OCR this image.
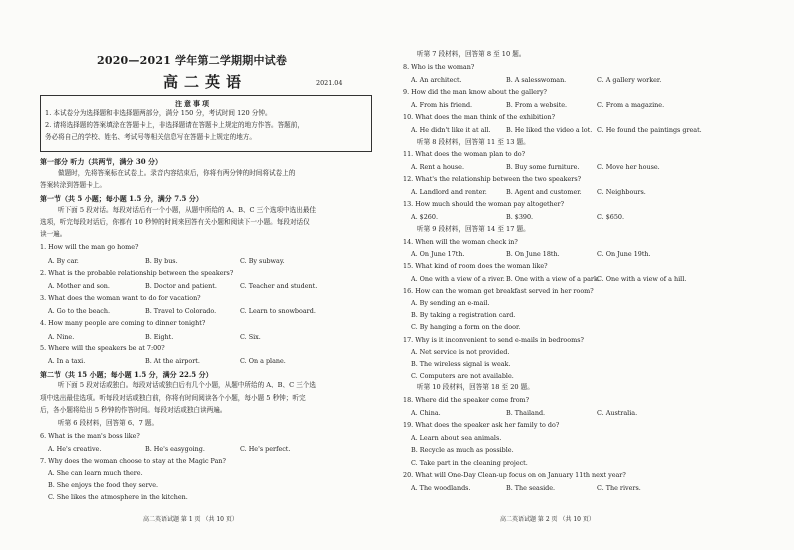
2020—2021 学年第二学期期中试卷
高二英语	2021.04
注意事项
1. 本试卷分为选择题和非选择题两部分，满分 150 分，考试时间 120 分钟。
2. 请将选择题的答案填涂在答题卡上，非选择题请在答题卡上规定的地方作答。答题前，
务必将自己的学校、姓名、考试号等相关信息写在答题卡上规定的地方。
第一部分 听力（共两节，满分 30 分）
做题时，先将答案标在试卷上。录音内容结束后，你将有两分钟的时间将试卷上的
答案转涂到答题卡上。
第一节（共 5 小题；每小题 1.5 分，满分 7.5 分）
听下面 5 段对话。每段对话后有一个小题，从题中所给的 A、B、C 三个选项中选出最佳
选项，听完每段对话后，你都有 10 秒钟的时间来回答有关小题和阅读下一小题。每段对话仅
读一遍。
1. How will the man go home?
A. By car.	B. By bus.	C. By subway.
2. What is the probable relationship between the speakers?
A. Mother and son.	B. Doctor and patient.	C. Teacher and student.
3. What does the woman want to do for vacation?
A. Go to the beach.	B. Travel to Colorado.	C. Learn to snowboard.
4. How many people are coming to dinner tonight?
A. Nine.	B. Eight.	C. Six.
5. Where will the speakers be at 7:00?
A. In a taxi.	B. At the airport.	C. On a plane.
第二节（共 15 小题；每小题 1.5 分，满分 22.5 分）
听下面 5 段对话或独白。每段对话或独白后有几个小题，从题中所给的 A、B、C 三个选
项中选出最佳选项。听每段对话或独白前，你将有时间阅读各个小题，每小题 5 秒钟；听完
后，各小题将给出 5 秒钟的作答时间。每段对话或独白读两遍。
听第 6 段材料，回答第 6、7 题。
6. What is the man's boss like?
A. He's creative.	B. He's easygoing.	C. He's perfect.
7. Why does the woman choose to stay at the Magic Pan?
A. She can learn much there.
B. She enjoys the food they serve.
C. She likes the atmosphere in the kitchen.
高二英语试题 第 1 页 （共 10 页）
听第 7 段材料，回答第 8 至 10 题。
8. Who is the woman?
A. An architect.	B. A salesswoman.	C. A gallery worker.
9. How did the man know about the gallery?
A. From his friend.	B. From a website.	C. From a magazine.
10. What does the man think of the exhibition?
A. He didn't like it at all. B. He liked the video a lot. C. He found the paintings great.
听第 8 段材料，回答第 11 至 13 题。
11. What does the woman plan to do?
A. Rent a house.	B. Buy some furniture.	C. Move her house.
12. What's the relationship between the two speakers?
A. Landlord and renter.	B. Agent and customer. C. Neighbours.
13. How much should the woman pay altogether?
A. $260.	B. $390.	C. $650.
听第 9 段材料，回答第 14 至 17 题。
14. When will the woman check in?
A. On June 17th.	B. On June 18th.	C. On June 19th.
15. What kind of room does the woman like?
A. One with a view of a river. B. One with a view of a park.
C. One with a view of a hill.
16. How can the woman get breakfast served in her room?
A. By sending an e-mail.
B. By taking a registration card.
C. By hanging a form on the door.
17. Why is it inconvenient to send e-mails in bedrooms?
A. Net service is not provided.
B. The wireless signal is weak.
C. Computers are not available.
听第 10 段材料，回答第 18 至 20 题。
18. Where did the speaker come from?
A. China.	B. Thailand.	C. Australia.
19. What does the speaker ask her family to do?
A. Learn about sea animals.
B. Recycle as much as possible.
C. Take part in the cleaning project.
20. What will One-Day Clean-up focus on on January 11th next year?
A. The woodlands.	B. The seaside.	C. The rivers.
高二英语试题 第 2 页 （共 10 页）
